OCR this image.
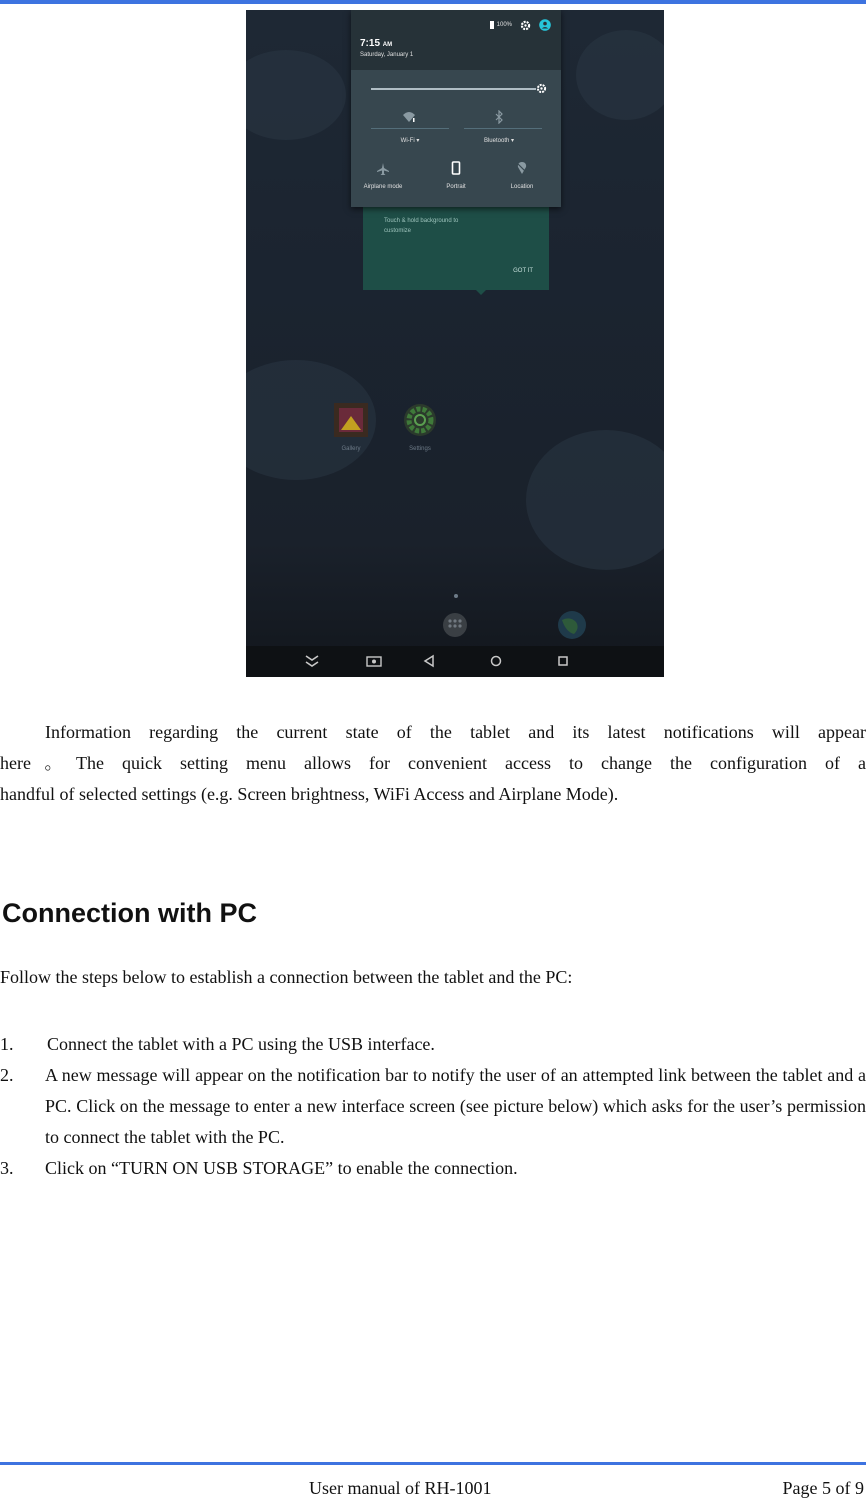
Gallery	Settings
Touch & hold background to
customize
GOT IT
100%
7:15 AM
Saturday, January 1
Wi-Fi ▾	Bluetooth ▾
Airplane mode	Portrait	Location

Information regarding the current state of the tablet and its latest notifications will appear
here。The quick setting menu allows for convenient access to change the configuration of a
handful of selected settings (e.g. Screen brightness, WiFi Access and Airplane Mode).

Connection with PC

Follow the steps below to establish a connection between the tablet and the PC:

1. Connect the tablet with a PC using the USB interface.
2. A new message will appear on the notification bar to notify the user of an attempted link between the tablet and a PC. Click on the message to enter a new interface screen (see picture below) which asks for the user’s permission to connect the tablet with the PC.
3. Click on “TURN ON USB STORAGE” to enable the connection.
User manual of RH-1001	Page 5 of 9
